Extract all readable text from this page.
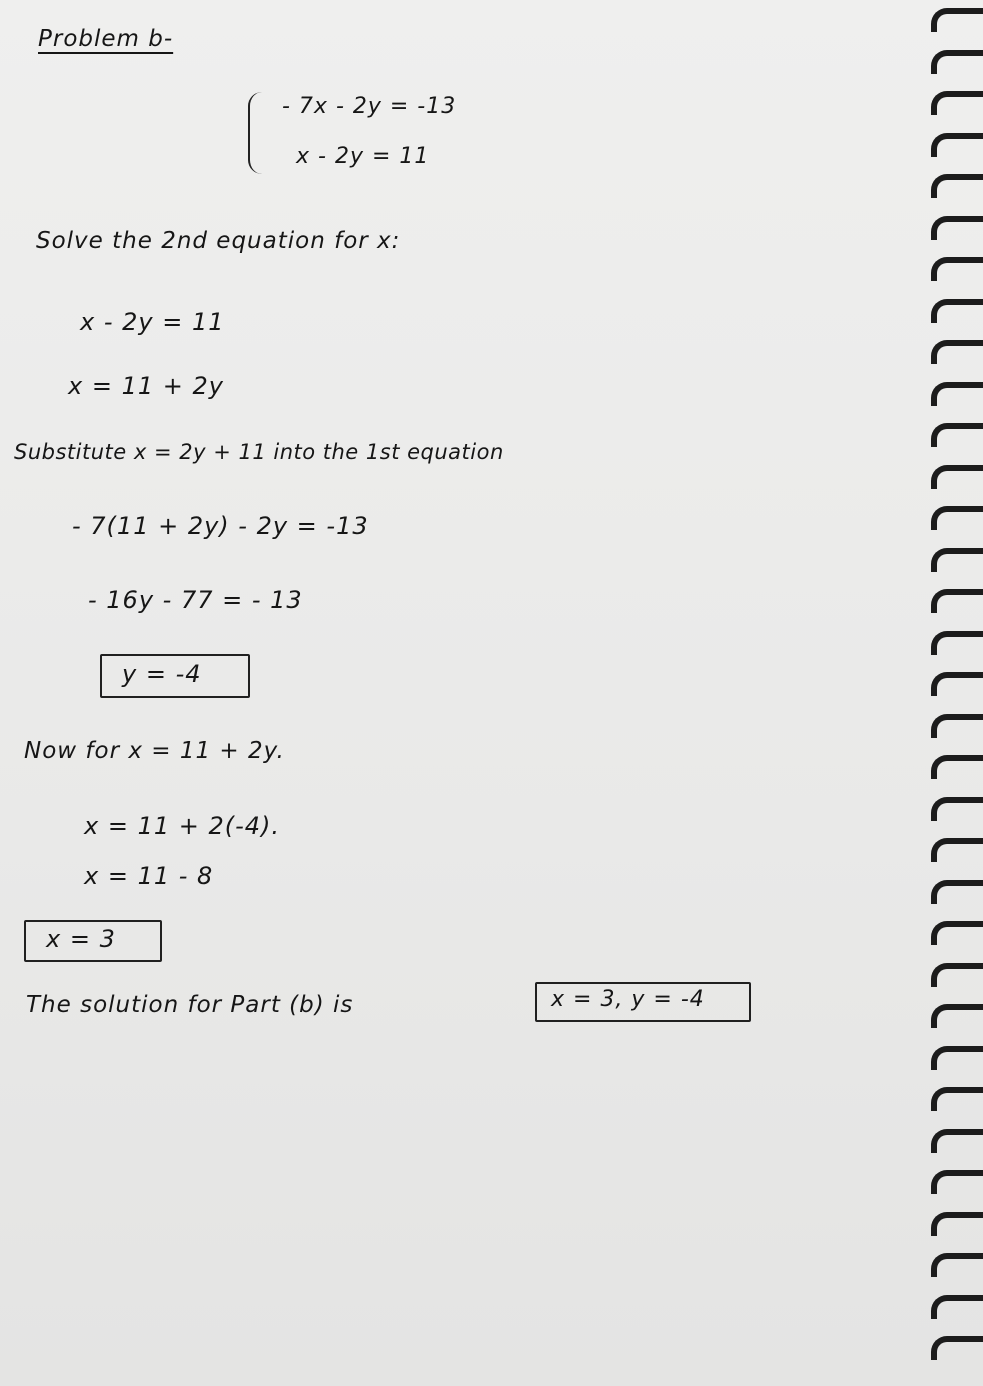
Problem b-
- 7x - 2y = -13
x - 2y = 11
Solve the 2nd equation for x:
x - 2y = 11
x = 11 + 2y
Substitute x = 2y + 11 into the 1st equation
- 7(11 + 2y) - 2y = -13
- 16y - 77 = - 13
y = -4
Now for x = 11 + 2y.
x = 11 + 2(-4).
x = 11 - 8
x = 3
The solution for Part (b) is	x = 3, y = -4
